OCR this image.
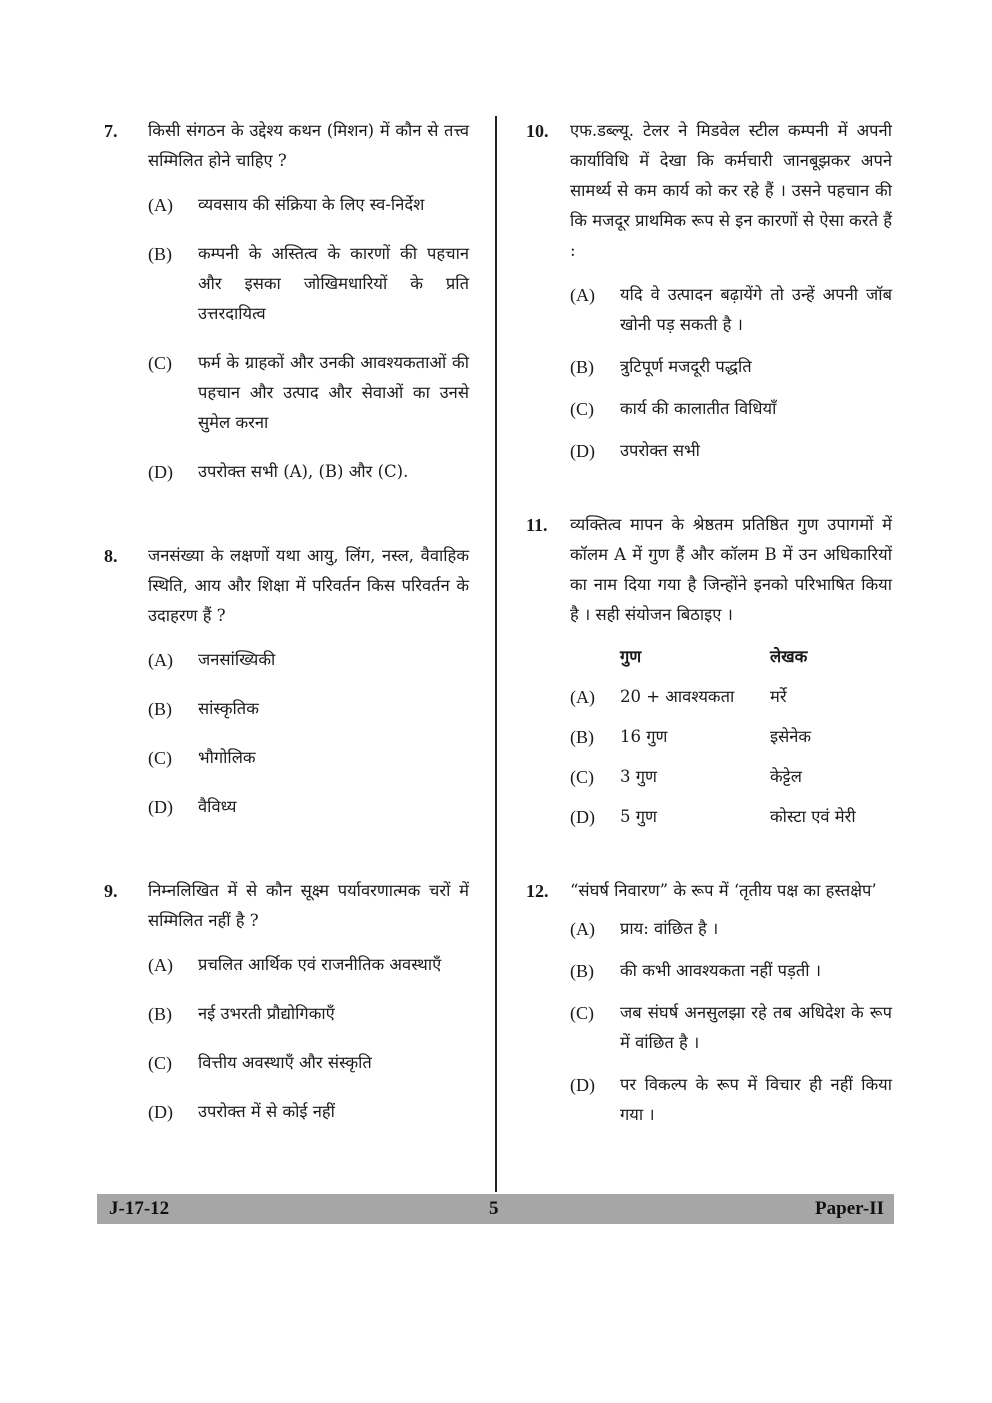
7. किसी संगठन के उद्देश्य कथन (मिशन) में कौन से तत्त्व सम्मिलित होने चाहिए ?
(A) व्यवसाय की संक्रिया के लिए स्व-निर्देश
(B) कम्पनी के अस्तित्व के कारणों की पहचान और इसका जोखिमधारियों के प्रति उत्तरदायित्व
(C) फर्म के ग्राहकों और उनकी आवश्यकताओं की पहचान और उत्पाद और सेवाओं का उनसे सुमेल करना
(D) उपरोक्त सभी (A), (B) और (C).
8. जनसंख्या के लक्षणों यथा आयु, लिंग, नस्ल, वैवाहिक स्थिति, आय और शिक्षा में परिवर्तन किस परिवर्तन के उदाहरण हैं ?
(A) जनसांख्यिकी
(B) सांस्कृतिक
(C) भौगोलिक
(D) वैविध्य
9. निम्नलिखित में से कौन सूक्ष्म पर्यावरणात्मक चरों में सम्मिलित नहीं है ?
(A) प्रचलित आर्थिक एवं राजनीतिक अवस्थाएँ
(B) नई उभरती प्रौद्योगिकाएँ
(C) वित्तीय अवस्थाएँ और संस्कृति
(D) उपरोक्त में से कोई नहीं
10. एफ.डब्ल्यू. टेलर ने मिडवेल स्टील कम्पनी में अपनी कार्याविधि में देखा कि कर्मचारी जानबूझकर अपने सामर्थ्य से कम कार्य को कर रहे हैं । उसने पहचान की कि मजदूर प्राथमिक रूप से इन कारणों से ऐसा करते हैं :
(A) यदि वे उत्पादन बढ़ायेंगे तो उन्हें अपनी जॉब खोनी पड़ सकती है ।
(B) त्रुटिपूर्ण मजदूरी पद्धति
(C) कार्य की कालातीत विधियाँ
(D) उपरोक्त सभी
11. व्यक्तित्व मापन के श्रेष्ठतम प्रतिष्ठित गुण उपागमों में कॉलम A में गुण हैं और कॉलम B में उन अधिकारियों का नाम दिया गया है जिन्होंने इनको परिभाषित किया है । सही संयोजन बिठाइए ।
गुण	लेखक
(A) 20 + आवश्यकता	मर्रे
(B) 16 गुण	इसेनेक
(C) 3 गुण	केट्टेल
(D) 5 गुण	कोस्टा एवं मेरी
12. “संघर्ष निवारण” के रूप में ‘तृतीय पक्ष का हस्तक्षेप’
(A) प्राय: वांछित है ।
(B) की कभी आवश्यकता नहीं पड़ती ।
(C) जब संघर्ष अनसुलझा रहे तब अधिदेश के रूप में वांछित है ।
(D) पर विकल्प के रूप में विचार ही नहीं किया गया ।
J-17-12	5	Paper-II
